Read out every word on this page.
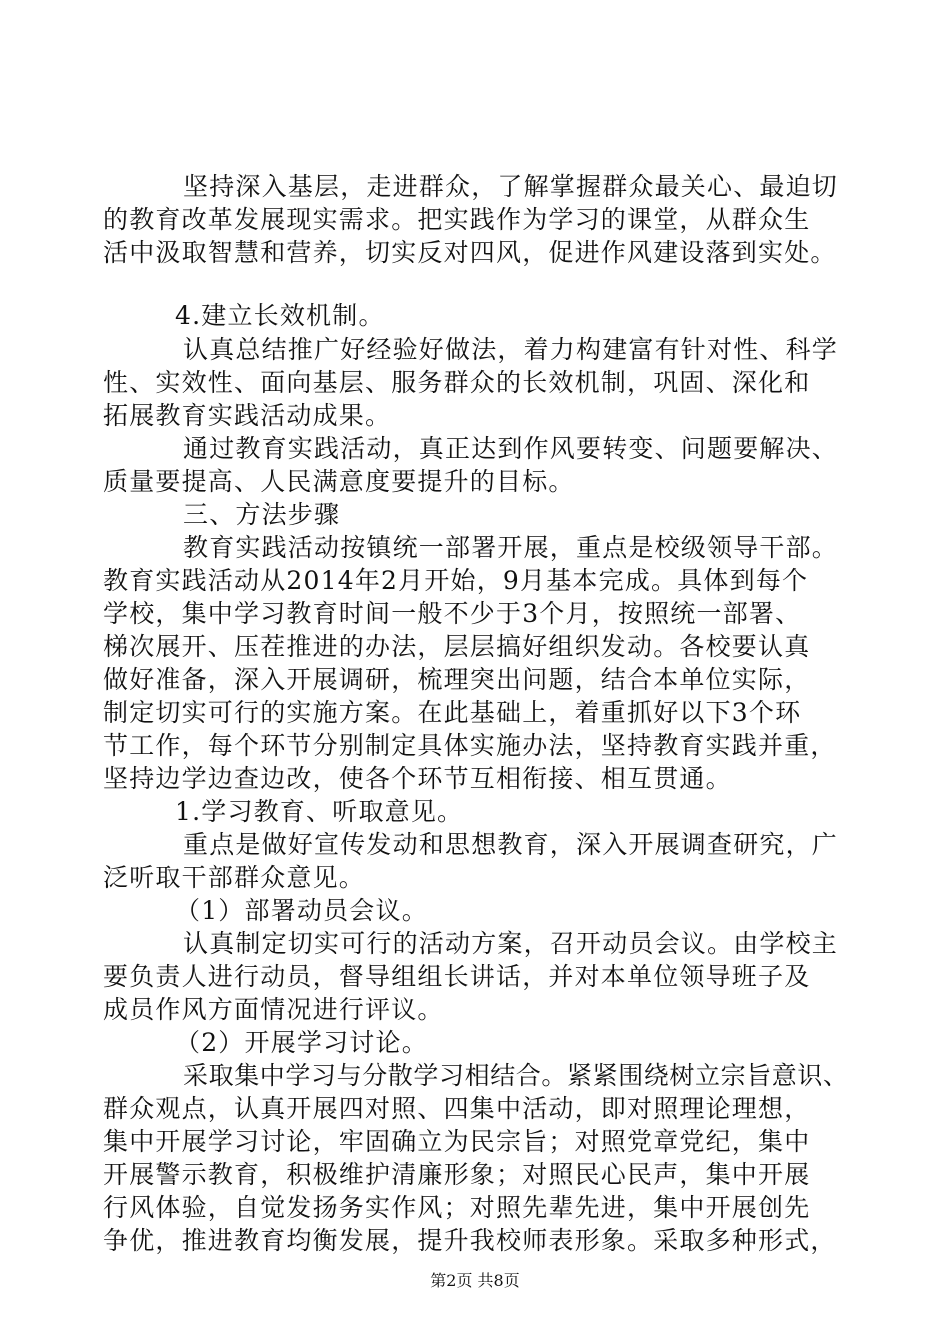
坚持深入基层，走进群众，了解掌握群众最关心、最迫切
的教育改革发展现实需求。把实践作为学习的课堂，从群众生
活中汲取智慧和营养，切实反对四风，促进作风建设落到实处。
4.建立长效机制。
认真总结推广好经验好做法，着力构建富有针对性、科学
性、实效性、面向基层、服务群众的长效机制，巩固、深化和
拓展教育实践活动成果。
通过教育实践活动，真正达到作风要转变、问题要解决、
质量要提高、人民满意度要提升的目标。
三、方法步骤
教育实践活动按镇统一部署开展，重点是校级领导干部。
教育实践活动从2014年2月开始，9月基本完成。具体到每个
学校，集中学习教育时间一般不少于3个月，按照统一部署、
梯次展开、压茬推进的办法，层层搞好组织发动。各校要认真
做好准备，深入开展调研，梳理突出问题，结合本单位实际，
制定切实可行的实施方案。在此基础上，着重抓好以下3个环
节工作，每个环节分别制定具体实施办法，坚持教育实践并重，
坚持边学边查边改，使各个环节互相衔接、相互贯通。
1.学习教育、听取意见。
重点是做好宣传发动和思想教育，深入开展调查研究，广
泛听取干部群众意见。
（1）部署动员会议。
认真制定切实可行的活动方案，召开动员会议。由学校主
要负责人进行动员，督导组组长讲话，并对本单位领导班子及
成员作风方面情况进行评议。
（2）开展学习讨论。
采取集中学习与分散学习相结合。紧紧围绕树立宗旨意识、
群众观点，认真开展四对照、四集中活动，即对照理论理想，
集中开展学习讨论，牢固确立为民宗旨；对照党章党纪，集中
开展警示教育，积极维护清廉形象；对照民心民声，集中开展
行风体验，自觉发扬务实作风；对照先辈先进，集中开展创先
争优，推进教育均衡发展，提升我校师表形象。采取多种形式，
第2页 共8页
